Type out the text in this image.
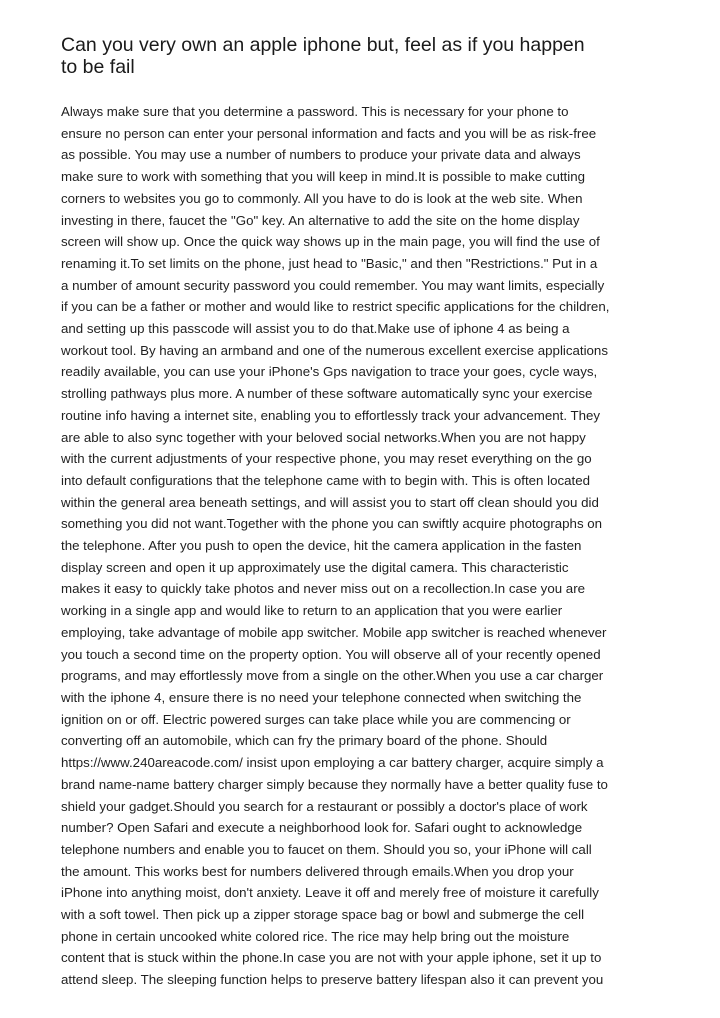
Can you very own an apple iphone but, feel as if you happen
to be fail
Always make sure that you determine a password. This is necessary for your phone to
ensure no person can enter your personal information and facts and you will be as risk-free
as possible. You may use a number of numbers to produce your private data and always
make sure to work with something that you will keep in mind.It is possible to make cutting
corners to websites you go to commonly. All you have to do is look at the web site. When
investing in there, faucet the "Go" key. An alternative to add the site on the home display
screen will show up. Once the quick way shows up in the main page, you will find the use of
renaming it.To set limits on the phone, just head to "Basic," and then "Restrictions." Put in a
a number of amount security password you could remember. You may want limits, especially
if you can be a father or mother and would like to restrict specific applications for the children,
and setting up this passcode will assist you to do that.Make use of iphone 4 as being a
workout tool. By having an armband and one of the numerous excellent exercise applications
readily available, you can use your iPhone's Gps navigation to trace your goes, cycle ways,
strolling pathways plus more. A number of these software automatically sync your exercise
routine info having a internet site, enabling you to effortlessly track your advancement. They
are able to also sync together with your beloved social networks.When you are not happy
with the current adjustments of your respective phone, you may reset everything on the go
into default configurations that the telephone came with to begin with. This is often located
within the general area beneath settings, and will assist you to start off clean should you did
something you did not want.Together with the phone you can swiftly acquire photographs on
the telephone. After you push to open the device, hit the camera application in the fasten
display screen and open it up approximately use the digital camera. This characteristic
makes it easy to quickly take photos and never miss out on a recollection.In case you are
working in a single app and would like to return to an application that you were earlier
employing, take advantage of mobile app switcher. Mobile app switcher is reached whenever
you touch a second time on the property option. You will observe all of your recently opened
programs, and may effortlessly move from a single on the other.When you use a car charger
with the iphone 4, ensure there is no need your telephone connected when switching the
ignition on or off. Electric powered surges can take place while you are commencing or
converting off an automobile, which can fry the primary board of the phone. Should
https://www.240areacode.com/ insist upon employing a car battery charger, acquire simply a
brand name-name battery charger simply because they normally have a better quality fuse to
shield your gadget.Should you search for a restaurant or possibly a doctor's place of work
number? Open Safari and execute a neighborhood look for. Safari ought to acknowledge
telephone numbers and enable you to faucet on them. Should you so, your iPhone will call
the amount. This works best for numbers delivered through emails.When you drop your
iPhone into anything moist, don't anxiety. Leave it off and merely free of moisture it carefully
with a soft towel. Then pick up a zipper storage space bag or bowl and submerge the cell
phone in certain uncooked white colored rice. The rice may help bring out the moisture
content that is stuck within the phone.In case you are not with your apple iphone, set it up to
attend sleep. The sleeping function helps to preserve battery lifespan also it can prevent you
